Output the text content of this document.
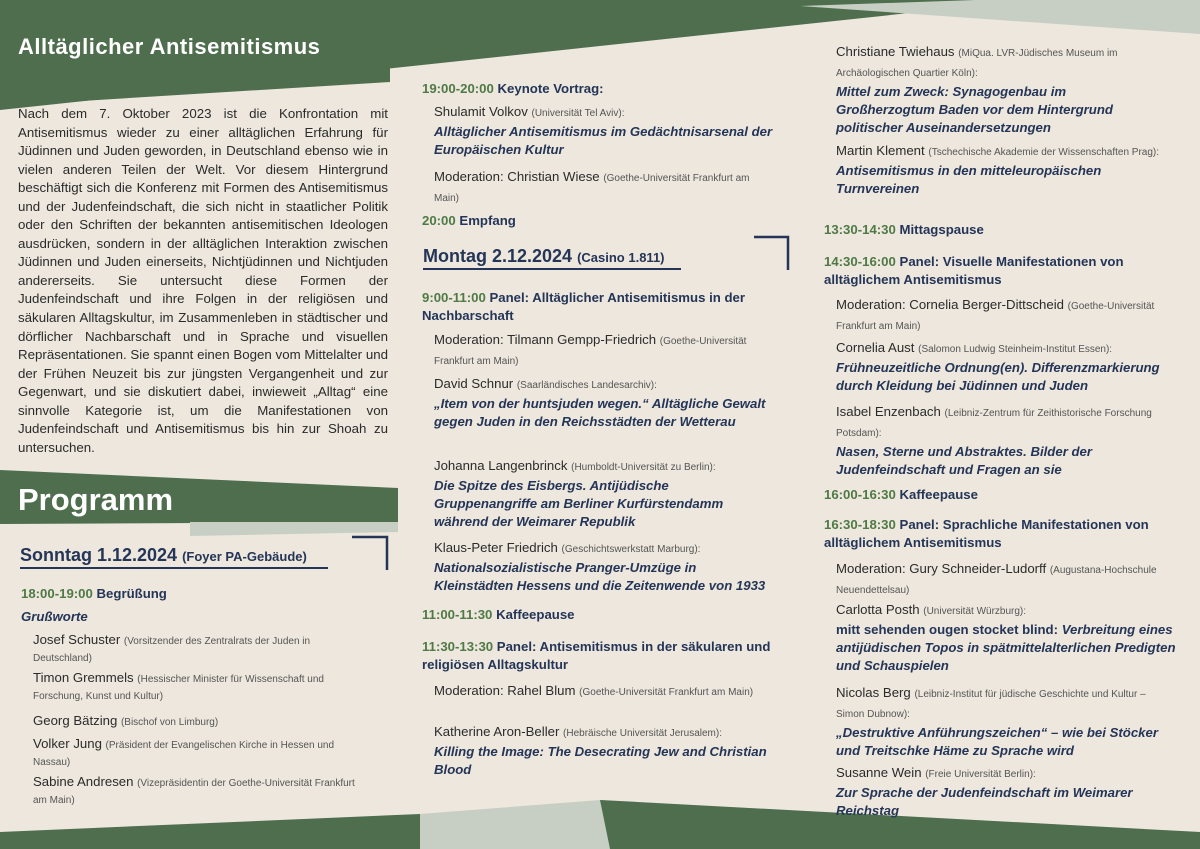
Alltäglicher Antisemitismus
Nach dem 7. Oktober 2023 ist die Konfrontation mit Antisemitismus wieder zu einer alltäglichen Erfahrung für Jüdinnen und Juden geworden, in Deutschland ebenso wie in vielen anderen Teilen der Welt. Vor diesem Hintergrund beschäftigt sich die Konferenz mit Formen des Antisemitismus und der Judenfeindschaft, die sich nicht in staatlicher Politik oder den Schriften der bekannten antisemitischen Ideologen ausdrücken, sondern in der alltäglichen Interaktion zwischen Jüdinnen und Juden einerseits, Nichtjüdinnen und Nichtjuden andererseits. Sie untersucht diese Formen der Judenfeindschaft und ihre Folgen in der religiösen und säkularen Alltagskultur, im Zusammenleben in städtischer und dörflicher Nachbarschaft und in Sprache und visuellen Repräsentationen. Sie spannt einen Bogen vom Mittelalter und der Frühen Neuzeit bis zur jüngsten Vergangenheit und zur Gegenwart, und sie diskutiert dabei, inwieweit „Alltag“ eine sinnvolle Kategorie ist, um die Manifestationen von Judenfeindschaft und Antisemitismus bis hin zur Shoah zu untersuchen.
Programm
Sonntag 1.12.2024 (Foyer PA-Gebäude)
18:00-19:00 Begrüßung
Grußworte
Josef Schuster (Vorsitzender des Zentralrats der Juden in Deutschland)
Timon Gremmels (Hessischer Minister für Wissenschaft und Forschung, Kunst und Kultur)
Georg Bätzing (Bischof von Limburg)
Volker Jung (Präsident der Evangelischen Kirche in Hessen und Nassau)
Sabine Andresen (Vizepräsidentin der Goethe-Universität Frankfurt am Main)
19:00-20:00 Keynote Vortrag:
Shulamit Volkov (Universität Tel Aviv):
Alltäglicher Antisemitismus im Gedächtnisarsenal der Europäischen Kultur
Moderation: Christian Wiese (Goethe-Universität Frankfurt am Main)
20:00 Empfang
Montag 2.12.2024 (Casino 1.811)
9:00-11:00 Panel: Alltäglicher Antisemitismus in der Nachbarschaft
Moderation: Tilmann Gempp-Friedrich (Goethe-Universität Frankfurt am Main)
David Schnur (Saarländisches Landesarchiv):
„Item von der huntsjuden wegen.“ Alltägliche Gewalt gegen Juden in den Reichsstädten der Wetterau
Johanna Langenbrinck (Humboldt-Universität zu Berlin):
Die Spitze des Eisbergs. Antijüdische Gruppenangriffe am Berliner Kurfürstendamm während der Weimarer Republik
Klaus-Peter Friedrich (Geschichtswerkstatt Marburg):
Nationalsozialistische Pranger-Umzüge in Kleinstädten Hessens und die Zeitenwende von 1933
11:00-11:30 Kaffeepause
11:30-13:30 Panel: Antisemitismus in der säkularen und religiösen Alltagskultur
Moderation: Rahel Blum (Goethe-Universität Frankfurt am Main)
Katherine Aron-Beller (Hebräische Universität Jerusalem):
Killing the Image: The Desecrating Jew and Christian Blood
Christiane Twiehaus (MiQua. LVR-Jüdisches Museum im Archäologischen Quartier Köln):
Mittel zum Zweck: Synagogenbau im Großherzogtum Baden vor dem Hintergrund politischer Auseinandersetzungen
Martin Klement (Tschechische Akademie der Wissenschaften Prag):
Antisemitismus in den mitteleuropäischen Turnvereinen
13:30-14:30 Mittagspause
14:30-16:00 Panel: Visuelle Manifestationen von alltäglichem Antisemitismus
Moderation: Cornelia Berger-Dittscheid (Goethe-Universität Frankfurt am Main)
Cornelia Aust (Salomon Ludwig Steinheim-Institut Essen):
Frühneuzeitliche Ordnung(en). Differenzmarkierung durch Kleidung bei Jüdinnen und Juden
Isabel Enzenbach (Leibniz-Zentrum für Zeithistorische Forschung Potsdam):
Nasen, Sterne und Abstraktes. Bilder der Judenfeindschaft und Fragen an sie
16:00-16:30 Kaffeepause
16:30-18:30 Panel: Sprachliche Manifestationen von alltäglichem Antisemitismus
Moderation: Gury Schneider-Ludorff (Augustana-Hochschule Neuendettelsau)
Carlotta Posth (Universität Würzburg):
mitt sehenden ougen stocket blind: Verbreitung eines antijüdischen Topos in spätmittelalterlichen Predigten und Schauspielen
Nicolas Berg (Leibniz-Institut für jüdische Geschichte und Kultur – Simon Dubnow):
„Destruktive Anführungszeichen“ – wie bei Stöcker und Treitschke Häme zu Sprache wird
Susanne Wein (Freie Universität Berlin):
Zur Sprache der Judenfeindschaft im Weimarer Reichstag
